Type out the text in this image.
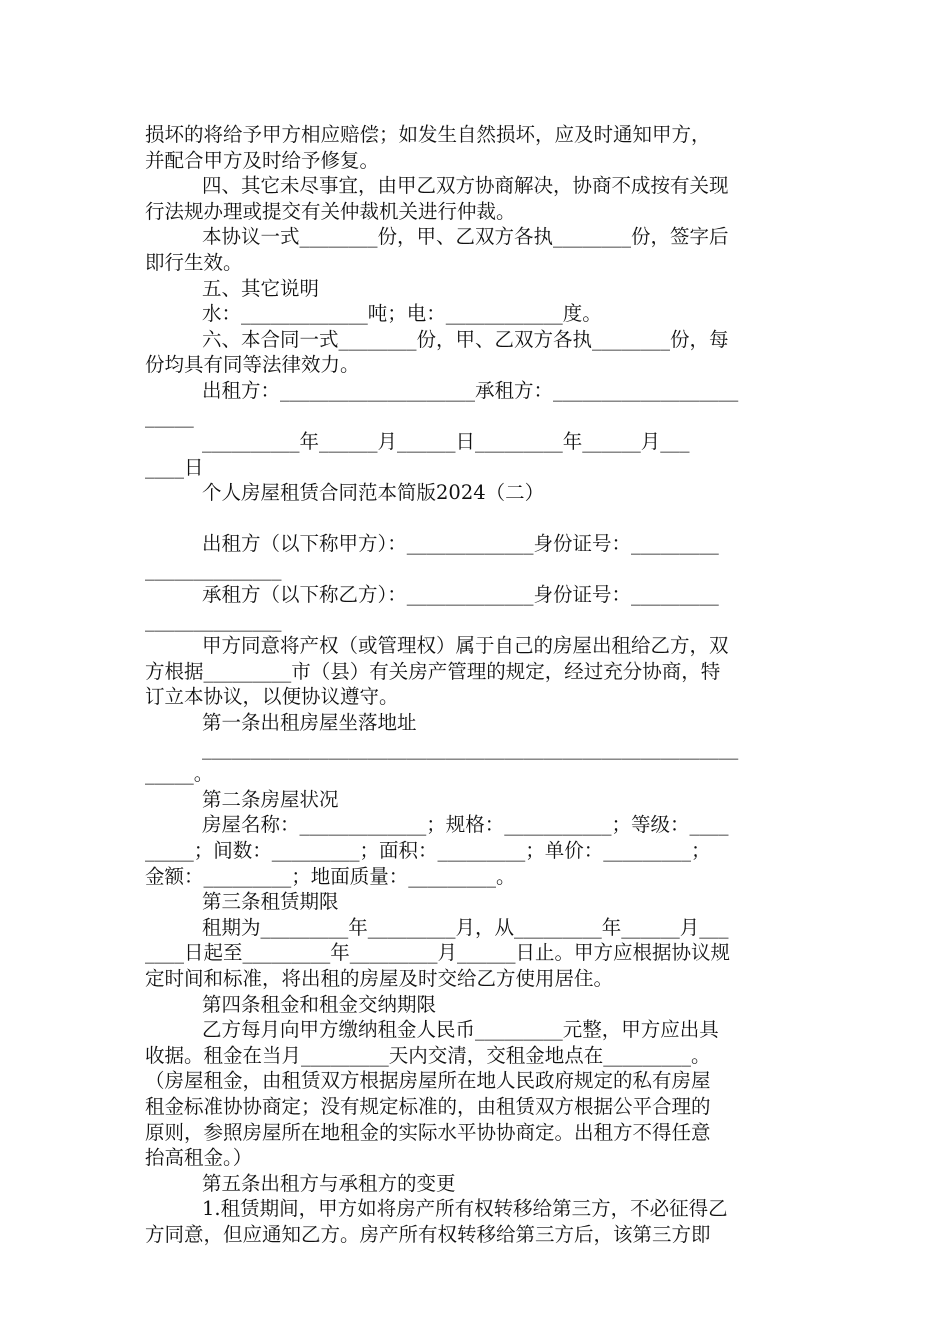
损坏的将给予甲方相应赔偿；如发生自然损坏，应及时通知甲方，
并配合甲方及时给予修复。
四、其它未尽事宜，由甲乙双方协商解决，协商不成按有关现
行法规办理或提交有关仲裁机关进行仲裁。
本协议一式________份，甲、乙双方各执________份，签字后
即行生效。
五、其它说明
水：_____________吨；电：____________度。
六、本合同一式________份，甲、乙双方各执________份，每
份均具有同等法律效力。
出租方：____________________承租方：___________________
_____
__________年______月______日_________年______月___
____日
个人房屋租赁合同范本简版2024（二）
出租方（以下称甲方）：_____________身份证号：_________
______________
承租方（以下称乙方）：_____________身份证号：_________
______________
甲方同意将产权（或管理权）属于自己的房屋出租给乙方，双
方根据_________市（县）有关房产管理的规定，经过充分协商，特
订立本协议，以便协议遵守。
第一条出租房屋坐落地址
_______________________________________________________
_____。
第二条房屋状况
房屋名称：_____________；规格：___________；等级：____
_____；间数：_________；面积：_________；单价：_________；
金额：_________；地面质量：_________。
第三条租赁期限
租期为_________年_________月，从_________年______月___
____日起至_________年_________月______日止。甲方应根据协议规
定时间和标准，将出租的房屋及时交给乙方使用居住。
第四条租金和租金交纳期限
乙方每月向甲方缴纳租金人民币_________元整，甲方应出具
收据。租金在当月_________天内交清，交租金地点在_________。
（房屋租金，由租赁双方根据房屋所在地人民政府规定的私有房屋
租金标准协协商定；没有规定标准的，由租赁双方根据公平合理的
原则，参照房屋所在地租金的实际水平协协商定。出租方不得任意
抬高租金。）
第五条出租方与承租方的变更
1.租赁期间，甲方如将房产所有权转移给第三方，不必征得乙
方同意，但应通知乙方。房产所有权转移给第三方后，该第三方即
